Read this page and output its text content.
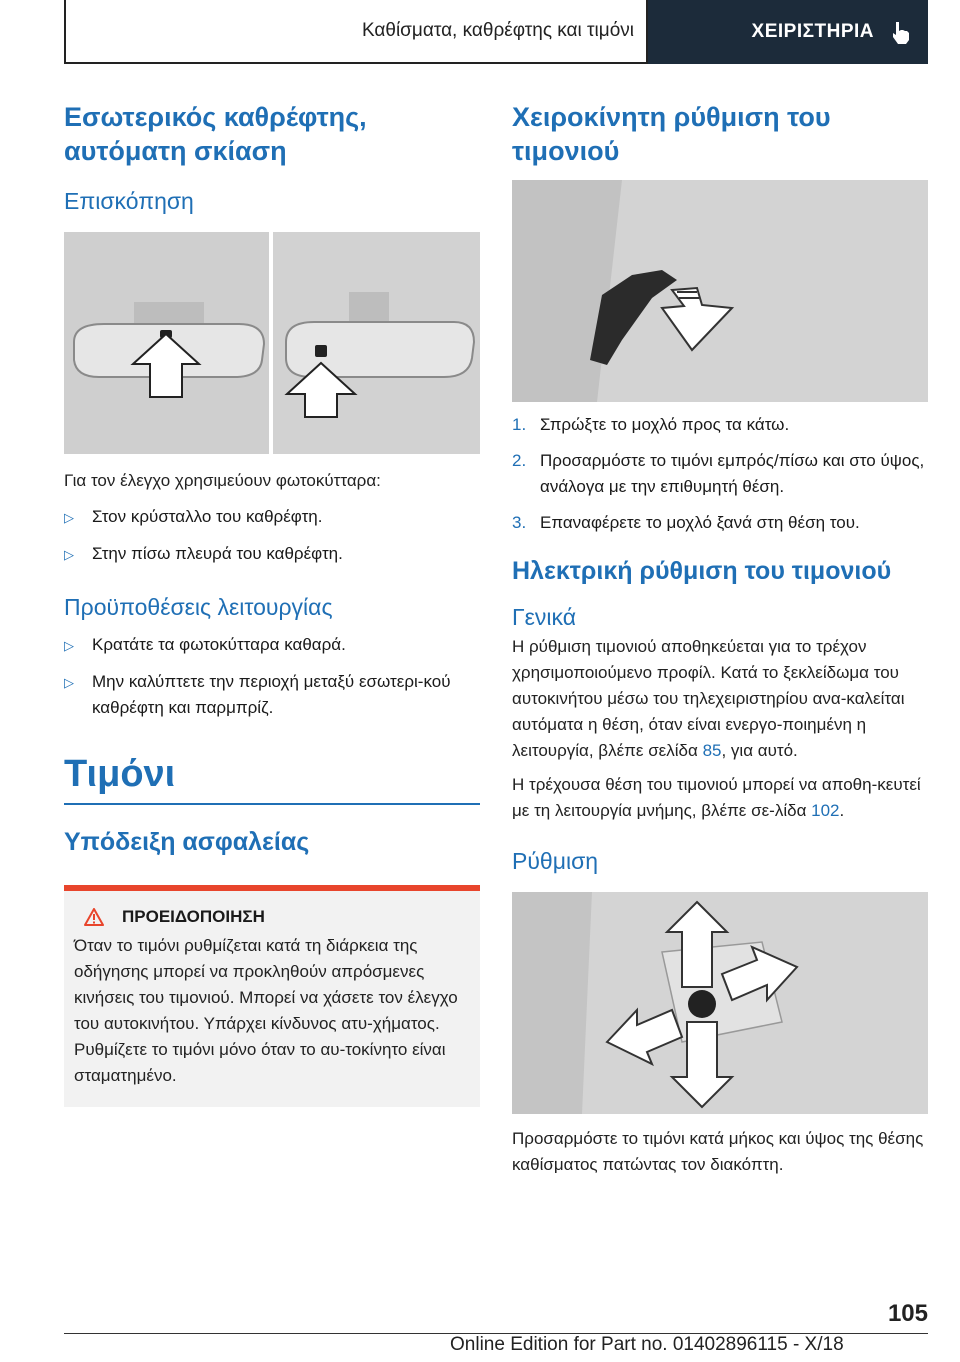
Καθίσματα, καθρέφτης και τιμόνι	ΧΕΙΡΙΣΤΗΡΙΑ
Εσωτερικός καθρέφτης, αυτόματη σκίαση
Επισκόπηση
Για τον έλεγχο χρησιμεύουν φωτοκύτταρα:
▷	Στον κρύσταλλο του καθρέφτη.
▷	Στην πίσω πλευρά του καθρέφτη.
Προϋποθέσεις λειτουργίας
▷	Κρατάτε τα φωτοκύτταρα καθαρά.
▷	Μην καλύπτετε την περιοχή μεταξύ εσωτερι-κού καθρέφτη και παρμπρίζ.
Τιμόνι
Υπόδειξη ασφαλείας
ΠΡΟΕΙΔΟΠΟΙΗΣΗ
Όταν το τιμόνι ρυθμίζεται κατά τη διάρκεια της οδήγησης μπορεί να προκληθούν απρόσμενες κινήσεις του τιμονιού. Μπορεί να χάσετε τον έλεγχο του αυτοκινήτου. Υπάρχει κίνδυνος ατυ-χήματος. Ρυθμίζετε το τιμόνι μόνο όταν το αυ-τοκίνητο είναι σταματημένο.
Χειροκίνητη ρύθμιση του τιμονιού
1. Σπρώξτε το μοχλό προς τα κάτω.
2. Προσαρμόστε το τιμόνι εμπρός/πίσω και στο ύψος, ανάλογα με την επιθυμητή θέση.
3. Επαναφέρετε το μοχλό ξανά στη θέση του.
Ηλεκτρική ρύθμιση του τιμονιού
Γενικά
Η ρύθμιση τιμονιού αποθηκεύεται για το τρέχον χρησιμοποιούμενο προφίλ. Κατά το ξεκλείδωμα του αυτοκινήτου μέσω του τηλεχειριστηρίου ανα-καλείται αυτόματα η θέση, όταν είναι ενεργο-ποιημένη η λειτουργία, βλέπε σελίδα 85, για αυτό.
Η τρέχουσα θέση του τιμονιού μπορεί να αποθη-κευτεί με τη λειτουργία μνήμης, βλέπε σε-λίδα 102.
Ρύθμιση
Προσαρμόστε το τιμόνι κατά μήκος και ύψος της θέσης καθίσματος πατώντας τον διακόπτη.
105
Online Edition for Part no. 01402896115 - X/18
